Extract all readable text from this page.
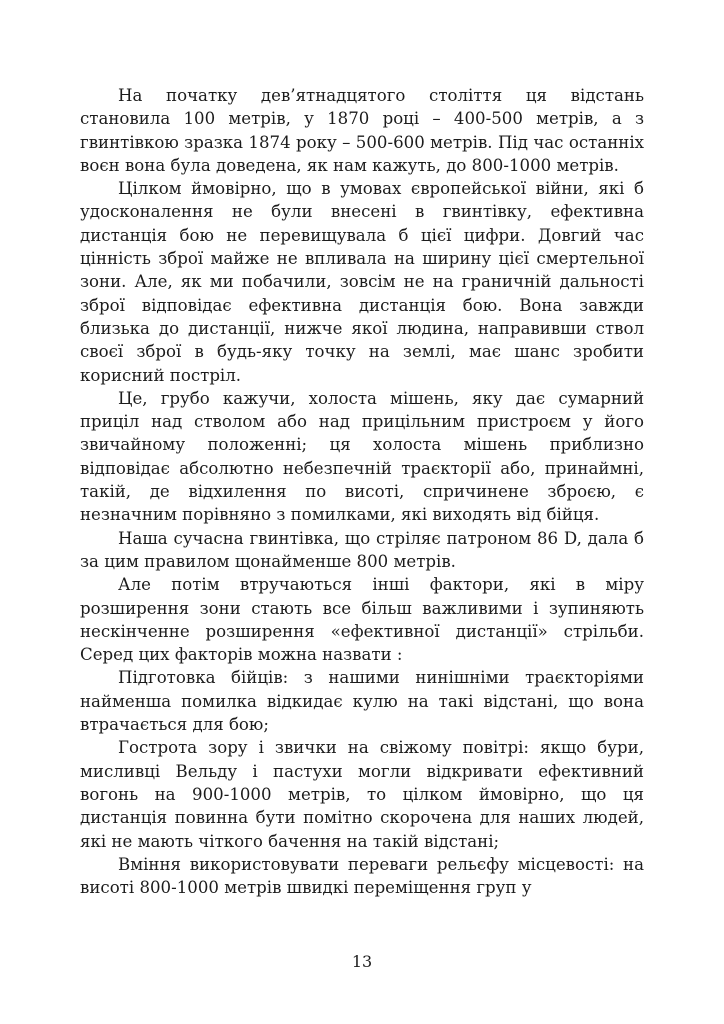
На початку дев’ятнадцятого століття ця відстань становила 100 метрів, у 1870 році – 400-500 метрів, а з гвинтівкою зразка 1874 року – 500-600 метрів. Під час останніх воєн вона була доведена, як нам кажуть, до 800-1000 метрів.

Цілком ймовірно, що в умовах європейської війни, які б удосконалення не були внесені в гвинтівку, ефективна дистанція бою не перевищувала б цієї цифри. Довгий час цінність зброї майже не впливала на ширину цієї смертельної зони. Але, як ми побачили, зовсім не на граничній дальності зброї відповідає ефективна дистанція бою. Вона завжди близька до дистанції, нижче якої людина, направивши ствол своєї зброї в будь-яку точку на землі, має шанс зробити корисний постріл.

Це, грубо кажучи, холоста мішень, яку дає сумарний приціл над стволом або над прицільним пристроєм у його звичайному положенні; ця холоста мішень приблизно відповідає абсолютно небезпечній траєкторії або, принаймні, такій, де відхилення по висоті, спричинене зброєю, є незначним порівняно з помилками, які виходять від бійця.

Наша сучасна гвинтівка, що стріляє патроном 86 D, дала б за цим правилом щонайменше 800 метрів.

Але потім втручаються інші фактори, які в міру розширення зони стають все більш важливими і зупиняють нескінченне розширення «ефективної дистанції» стрільби. Серед цих факторів можна назвати :

Підготовка бійців: з нашими нинішніми траєкторіями найменша помилка відкидає кулю на такі відстані, що вона втрачається для бою;

Гострота зору і звички на свіжому повітрі: якщо бури, мисливці Вельду і пастухи могли відкривати ефективний вогонь на 900-1000 метрів, то цілком ймовірно, що ця дистанція повинна бути помітно скорочена для наших людей, які не мають чіткого бачення на такій відстані;

Вміння використовувати переваги рельєфу місцевості: на висоті 800-1000 метрів швидкі переміщення груп у

13
